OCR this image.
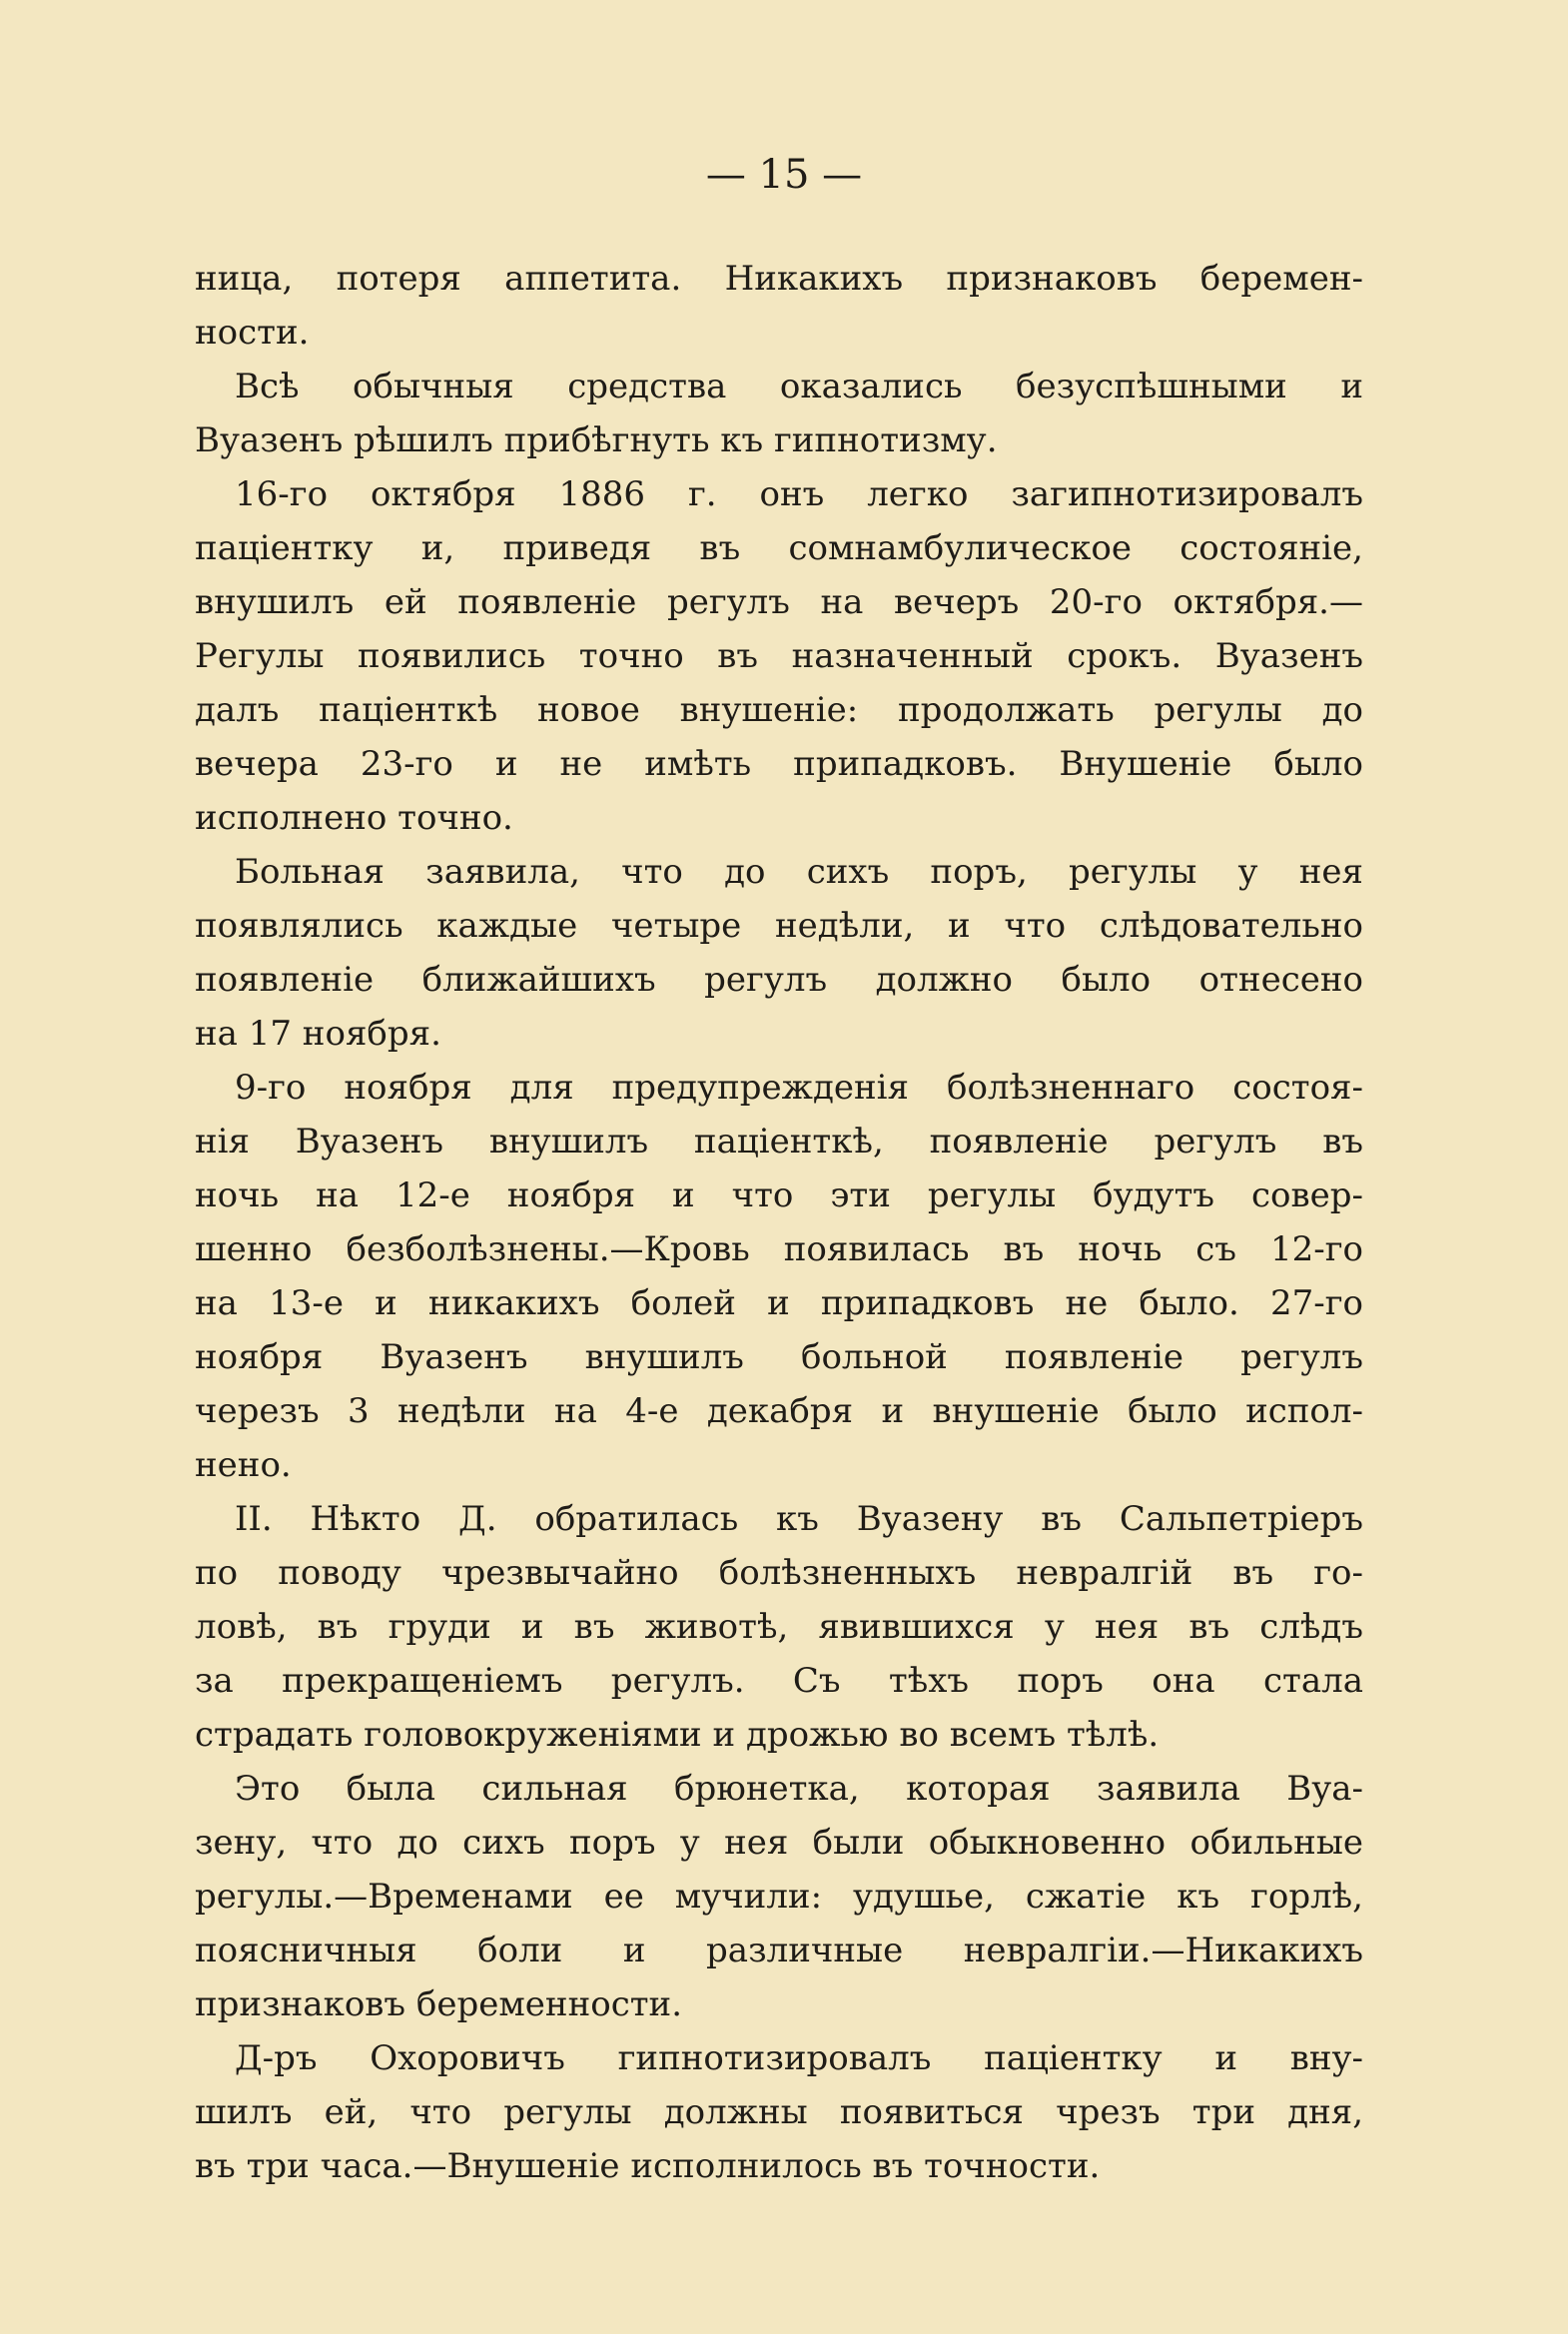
— 15 —
ница, потеря аппетита. Никакихъ признаковъ беремен-
ности.
Всѣ обычныя средства оказались безуспѣшными и
Вуазенъ рѣшилъ прибѣгнуть къ гипнотизму.
16-го октября 1886 г. онъ легко загипнотизировалъ
паціентку и, приведя въ сомнамбулическое состояніе,
внушилъ ей появленіе регулъ на вечеръ 20-го октября.—
Регулы появились точно въ назначенный срокъ. Вуазенъ
далъ паціенткѣ новое внушеніе: продолжать регулы до
вечера 23-го и не имѣть припадковъ. Внушеніе было
исполнено точно.
Больная заявила, что до сихъ поръ, регулы у нея
появлялись каждые четыре недѣли, и что слѣдовательно
появленіе ближайшихъ регулъ должно было отнесено
на 17 ноября.
9-го ноября для предупрежденія болѣзненнаго состоя-
нія Вуазенъ внушилъ паціенткѣ, появленіе регулъ въ
ночь на 12-е ноября и что эти регулы будутъ совер-
шенно безболѣзнены.—Кровь появилась въ ночь съ 12-го
на 13-е и никакихъ болей и припадковъ не было. 27-го
ноября Вуазенъ внушилъ больной появленіе регулъ
черезъ 3 недѣли на 4-е декабря и внушеніе было испол-
нено.
II. Нѣкто Д. обратилась къ Вуазену въ Сальпетріеръ
по поводу чрезвычайно болѣзненныхъ невралгій въ го-
ловѣ, въ груди и въ животѣ, явившихся у нея въ слѣдъ
за прекращеніемъ регулъ. Съ тѣхъ поръ она стала
страдать головокруженіями и дрожью во всемъ тѣлѣ.
Это была сильная брюнетка, которая заявила Вуа-
зену, что до сихъ поръ у нея были обыкновенно обильные
регулы.—Временами ее мучили: удушье, сжатіе къ горлѣ,
поясничныя боли и различные невралгіи.—Никакихъ
признаковъ беременности.
Д-ръ Охоровичъ гипнотизировалъ паціентку и вну-
шилъ ей, что регулы должны появиться чрезъ три дня,
въ три часа.—Внушеніе исполнилось въ точности.
